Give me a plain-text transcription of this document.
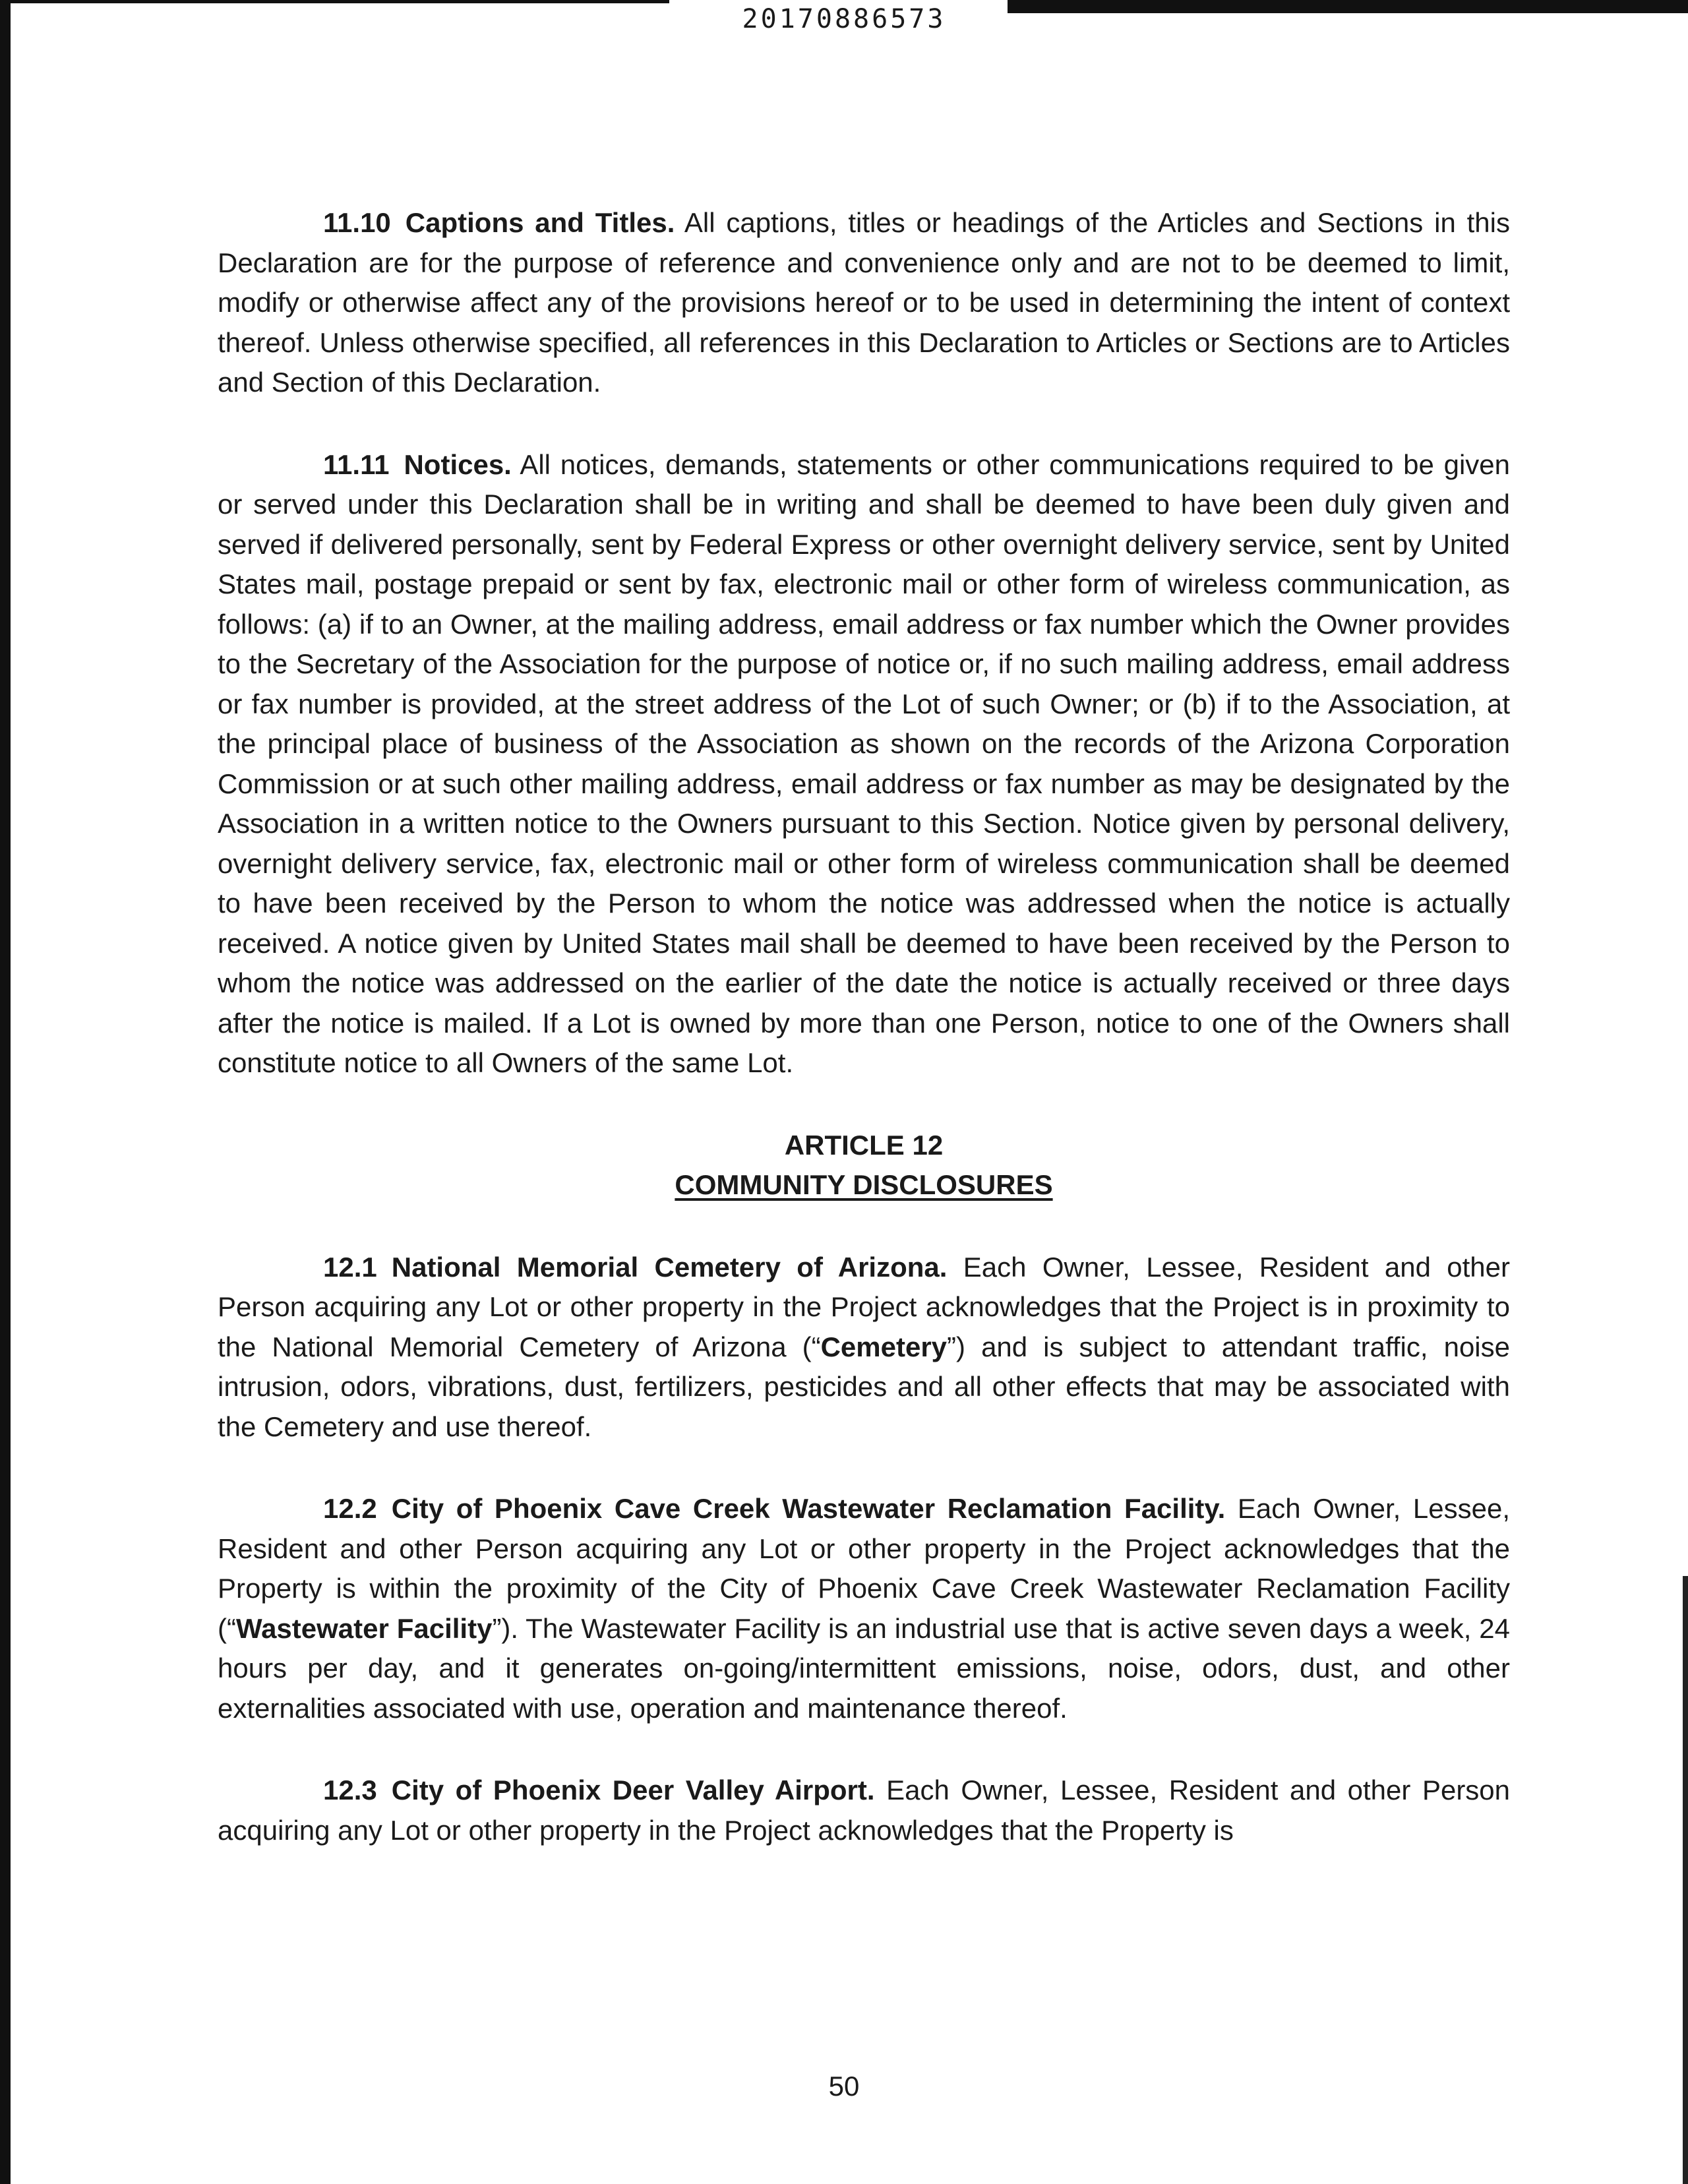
20170886573

11.10 Captions and Titles. All captions, titles or headings of the Articles and Sections in this Declaration are for the purpose of reference and convenience only and are not to be deemed to limit, modify or otherwise affect any of the provisions hereof or to be used in determining the intent of context thereof. Unless otherwise specified, all references in this Declaration to Articles or Sections are to Articles and Section of this Declaration.

11.11 Notices. All notices, demands, statements or other communications required to be given or served under this Declaration shall be in writing and shall be deemed to have been duly given and served if delivered personally, sent by Federal Express or other overnight delivery service, sent by United States mail, postage prepaid or sent by fax, electronic mail or other form of wireless communication, as follows: (a) if to an Owner, at the mailing address, email address or fax number which the Owner provides to the Secretary of the Association for the purpose of notice or, if no such mailing address, email address or fax number is provided, at the street address of the Lot of such Owner; or (b) if to the Association, at the principal place of business of the Association as shown on the records of the Arizona Corporation Commission or at such other mailing address, email address or fax number as may be designated by the Association in a written notice to the Owners pursuant to this Section. Notice given by personal delivery, overnight delivery service, fax, electronic mail or other form of wireless communication shall be deemed to have been received by the Person to whom the notice was addressed when the notice is actually received. A notice given by United States mail shall be deemed to have been received by the Person to whom the notice was addressed on the earlier of the date the notice is actually received or three days after the notice is mailed. If a Lot is owned by more than one Person, notice to one of the Owners shall constitute notice to all Owners of the same Lot.

ARTICLE 12

COMMUNITY DISCLOSURES

12.1 National Memorial Cemetery of Arizona. Each Owner, Lessee, Resident and other Person acquiring any Lot or other property in the Project acknowledges that the Project is in proximity to the National Memorial Cemetery of Arizona (“Cemetery”) and is subject to attendant traffic, noise intrusion, odors, vibrations, dust, fertilizers, pesticides and all other effects that may be associated with the Cemetery and use thereof.

12.2 City of Phoenix Cave Creek Wastewater Reclamation Facility. Each Owner, Lessee, Resident and other Person acquiring any Lot or other property in the Project acknowledges that the Property is within the proximity of the City of Phoenix Cave Creek Wastewater Reclamation Facility (“Wastewater Facility”). The Wastewater Facility is an industrial use that is active seven days a week, 24 hours per day, and it generates on-going/intermittent emissions, noise, odors, dust, and other externalities associated with use, operation and maintenance thereof.

12.3 City of Phoenix Deer Valley Airport. Each Owner, Lessee, Resident and other Person acquiring any Lot or other property in the Project acknowledges that the Property is

50
